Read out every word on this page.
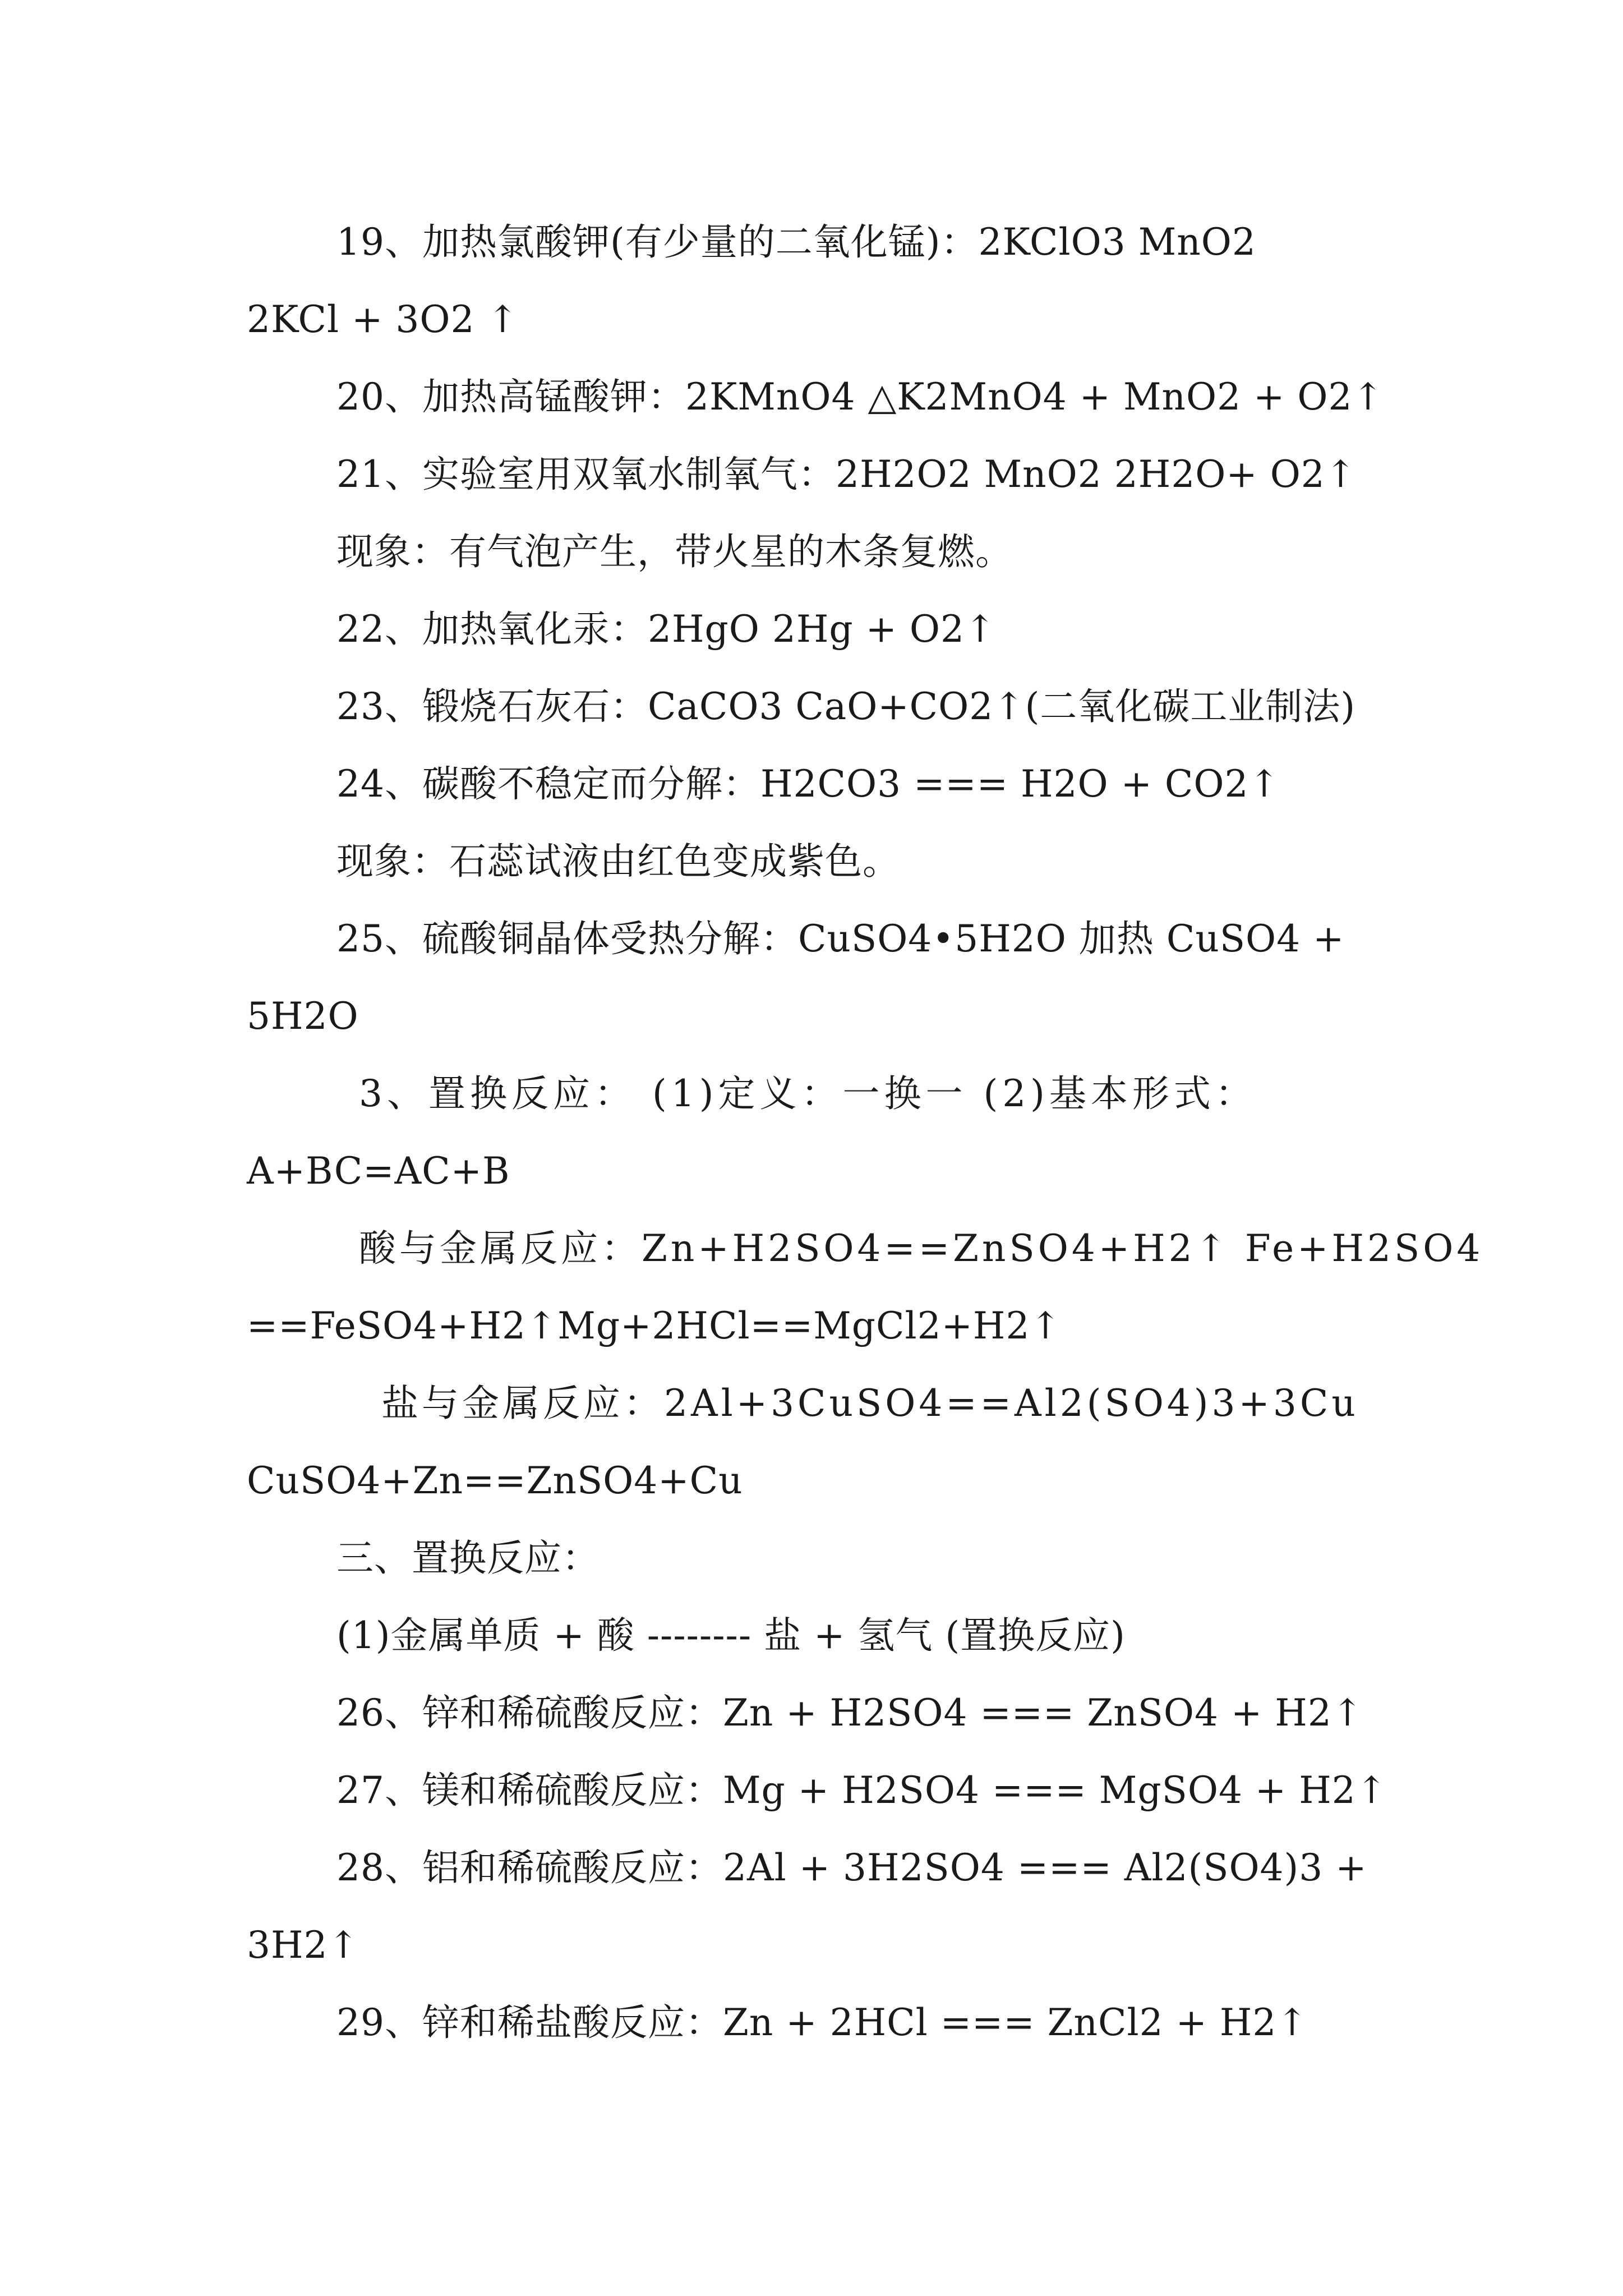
19、加热氯酸钾(有少量的二氧化锰)：2KClO3 MnO2
2KCl + 3O2 ↑
20、加热高锰酸钾：2KMnO4 △K2MnO4 + MnO2 + O2↑
21、实验室用双氧水制氧气：2H2O2 MnO2 2H2O+ O2↑
现象：有气泡产生，带火星的木条复燃。
22、加热氧化汞：2HgO 2Hg + O2↑
23、锻烧石灰石：CaCO3 CaO+CO2↑(二氧化碳工业制法)
24、碳酸不稳定而分解：H2CO3 === H2O + CO2↑
现象：石蕊试液由红色变成紫色。
25、硫酸铜晶体受热分解：CuSO4•5H2O 加热 CuSO4 +
5H2O
3、置换反应： (1)定义：一换一 (2)基本形式：
A+BC=AC+B
酸与金属反应：Zn+H2SO4==ZnSO4+H2↑ Fe+H2SO4
==FeSO4+H2↑Mg+2HCl==MgCl2+H2↑
盐与金属反应：2Al+3CuSO4==Al2(SO4)3+3Cu
CuSO4+Zn==ZnSO4+Cu
三、置换反应：
(1)金属单质 + 酸 -------- 盐 + 氢气 (置换反应)
26、锌和稀硫酸反应：Zn + H2SO4 === ZnSO4 + H2↑
27、镁和稀硫酸反应：Mg + H2SO4 === MgSO4 + H2↑
28、铝和稀硫酸反应：2Al + 3H2SO4 === Al2(SO4)3 +
3H2↑
29、锌和稀盐酸反应：Zn + 2HCl === ZnCl2 + H2↑
